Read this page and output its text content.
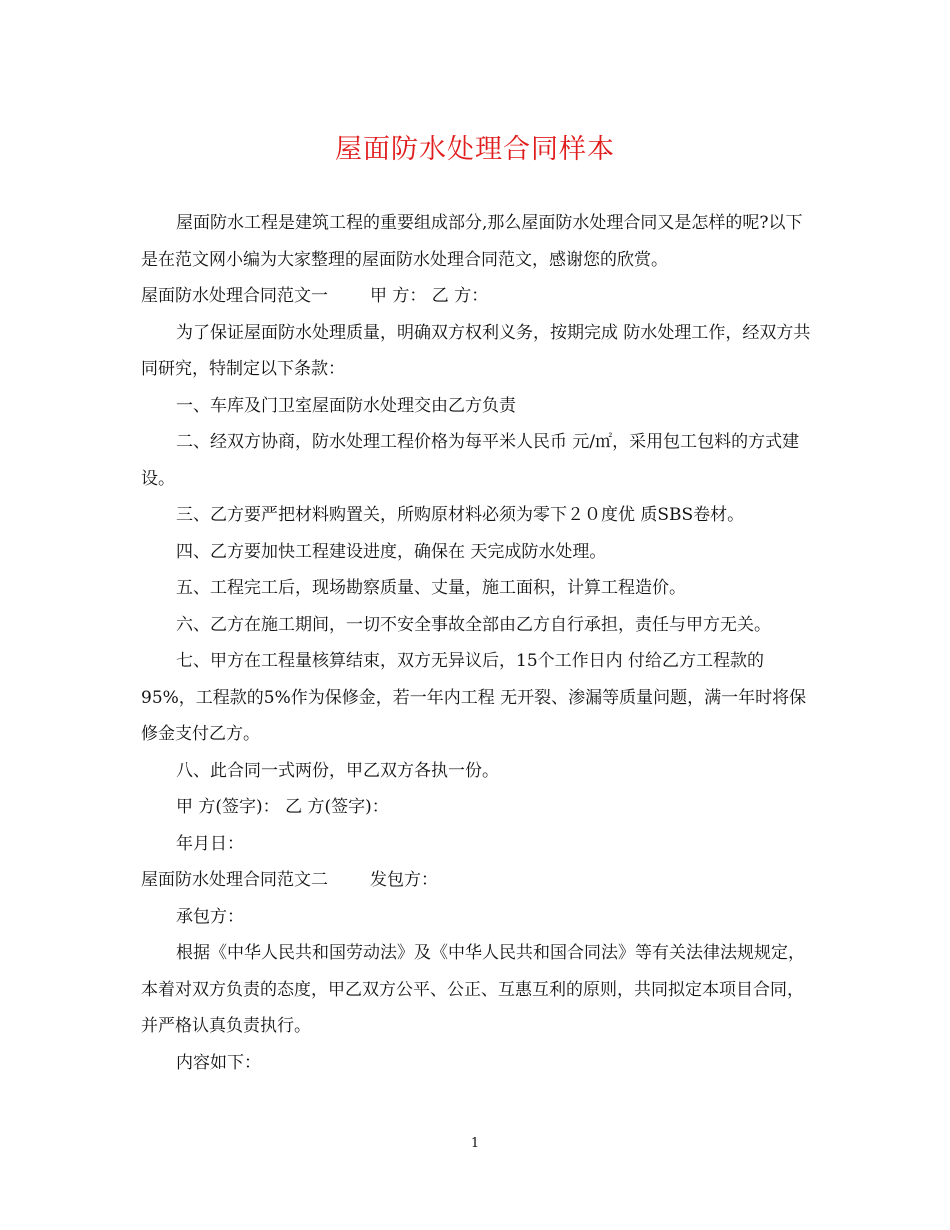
屋面防水处理合同样本

屋面防水工程是建筑工程的重要组成部分,那么屋面防水处理合同又是怎样的呢?以下是在范文网小编为大家整理的屋面防水处理合同范文，感谢您的欣赏。

屋面防水处理合同范文一 甲 方： 乙 方：

为了保证屋面防水处理质量，明确双方权利义务，按期完成 防水处理工作，经双方共同研究，特制定以下条款：

一、车库及门卫室屋面防水处理交由乙方负责

二、经双方协商，防水处理工程价格为每平米人民币 元/㎡，采用包工包料的方式建设。

三、乙方要严把材料购置关，所购原材料必须为零下２０度优 质SBS卷材。

四、乙方要加快工程建设进度，确保在 天完成防水处理。

五、工程完工后，现场勘察质量、丈量，施工面积，计算工程造价。

六、乙方在施工期间，一切不安全事故全部由乙方自行承担，责任与甲方无关。

七、甲方在工程量核算结束，双方无异议后，15个工作日内 付给乙方工程款的95%，工程款的5%作为保修金，若一年内工程 无开裂、渗漏等质量问题，满一年时将保修金支付乙方。

八、此合同一式两份，甲乙双方各执一份。

甲 方(签字)： 乙 方(签字)：

年月日：

屋面防水处理合同范文二 发包方：

承包方：

根据《中华人民共和国劳动法》及《中华人民共和国合同法》等有关法律法规规定，本着对双方负责的态度，甲乙双方公平、公正、互惠互利的原则，共同拟定本项目合同，并严格认真负责执行。

内容如下：

1
